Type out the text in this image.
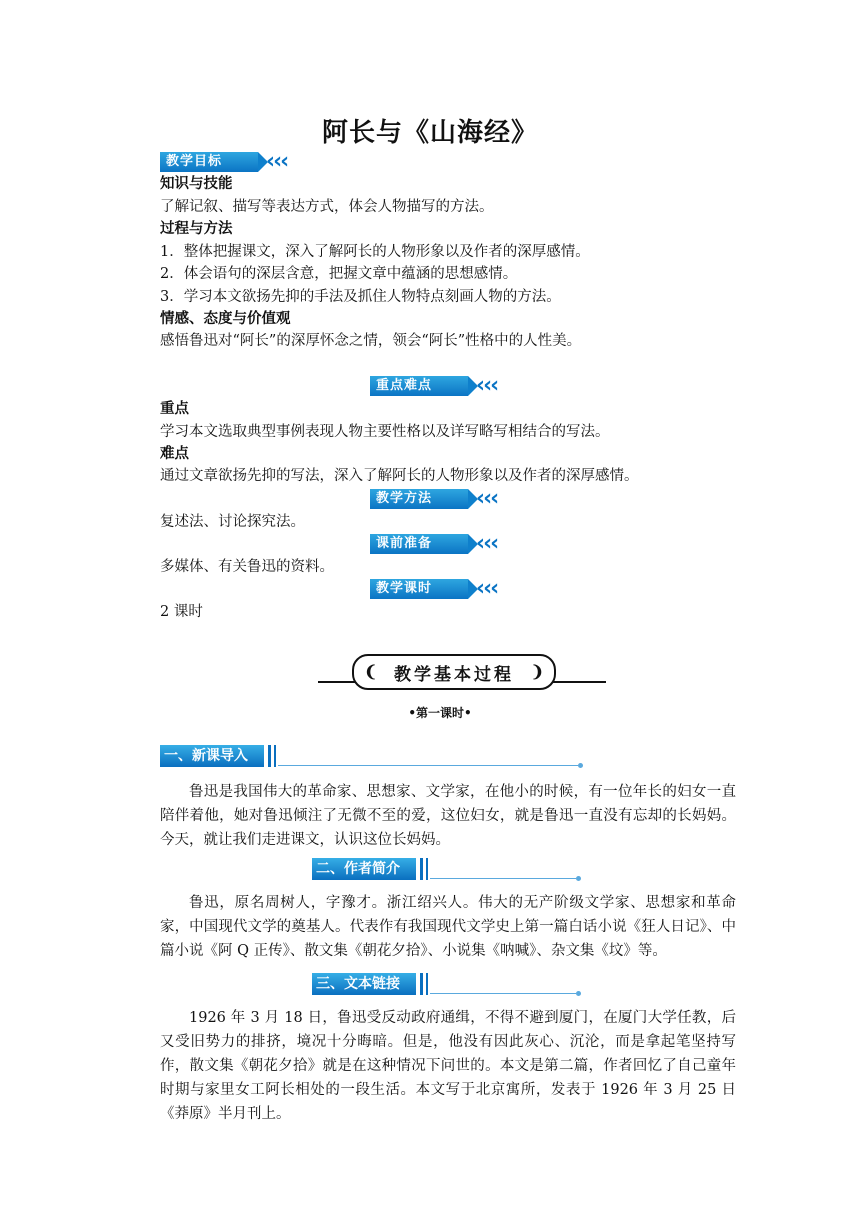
阿长与《山海经》
教学目标	‹‹‹
知识与技能
了解记叙、描写等表达方式，体会人物描写的方法。
过程与方法
1．整体把握课文，深入了解阿长的人物形象以及作者的深厚感情。
2．体会语句的深层含意，把握文章中蕴涵的思想感情。
3．学习本文欲扬先抑的手法及抓住人物特点刻画人物的方法。
情感、态度与价值观
感悟鲁迅对“阿长”的深厚怀念之情，领会“阿长”性格中的人性美。
重点难点	‹‹‹
重点
学习本文选取典型事例表现人物主要性格以及详写略写相结合的写法。
难点
通过文章欲扬先抑的写法，深入了解阿长的人物形象以及作者的深厚感情。
教学方法	‹‹‹
复述法、讨论探究法。
课前准备	‹‹‹
多媒体、有关鲁迅的资料。
教学课时	‹‹‹
2 课时
❨ 教学基本过程	❩
•第一课时•
一、新课导入
鲁迅是我国伟大的革命家、思想家、文学家，在他小的时候，有一位年长的妇女一直陪伴着他，她对鲁迅倾注了无微不至的爱，这位妇女，就是鲁迅一直没有忘却的长妈妈。今天，就让我们走进课文，认识这位长妈妈。
二、作者简介
鲁迅，原名周树人，字豫才。浙江绍兴人。伟大的无产阶级文学家、思想家和革命家，中国现代文学的奠基人。代表作有我国现代文学史上第一篇白话小说《狂人日记》、中篇小说《阿 Q 正传》、散文集《朝花夕拾》、小说集《呐喊》、杂文集《坟》等。
三、文本链接
1926 年 3 月 18 日，鲁迅受反动政府通缉，不得不避到厦门，在厦门大学任教，后又受旧势力的排挤，境况十分晦暗。但是，他没有因此灰心、沉沦，而是拿起笔坚持写作，散文集《朝花夕拾》就是在这种情况下问世的。本文是第二篇，作者回忆了自己童年时期与家里女工阿长相处的一段生活。本文写于北京寓所，发表于 1926 年 3 月 25 日《莽原》半月刊上。
